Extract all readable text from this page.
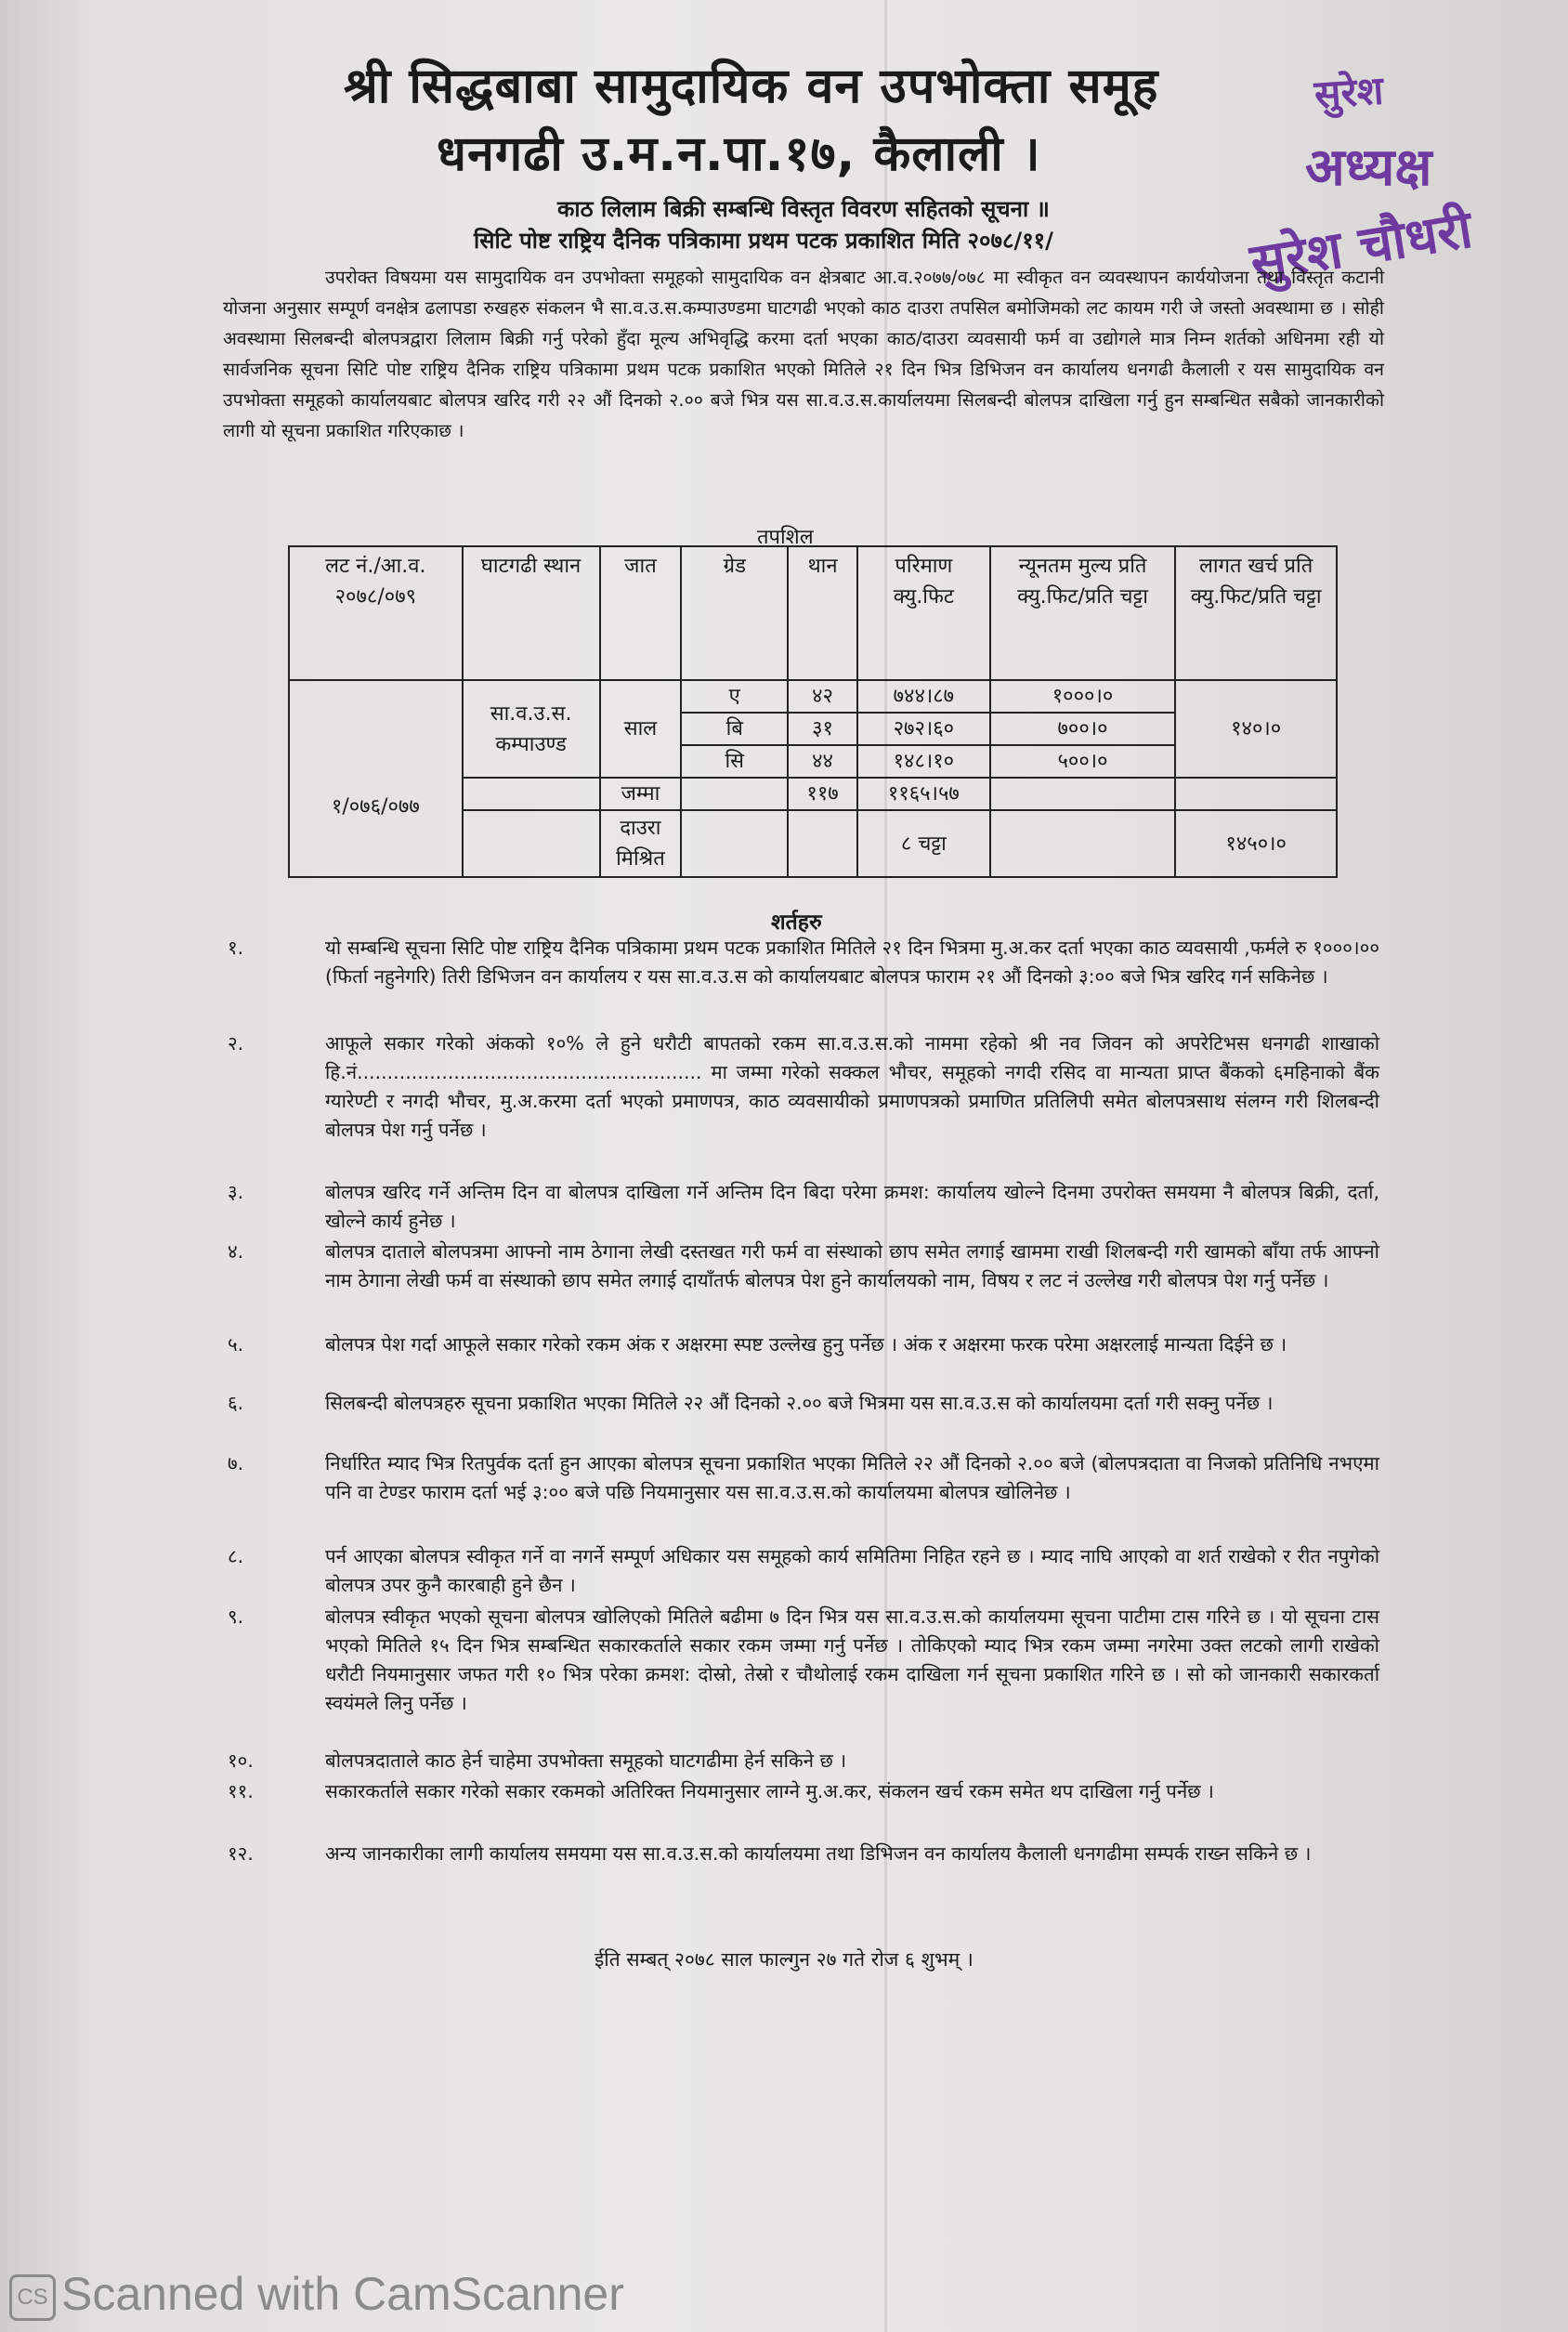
श्री सिद्धबाबा सामुदायिक वन उपभोक्ता समूह
धनगढी उ.म.न.पा.१७, कैलाली ।
सुरेश
अध्यक्ष
सुरेश चौधरी
काठ लिलाम बिक्री सम्बन्धि विस्तृत विवरण सहितको सूचना ॥
सिटि पोष्ट राष्ट्रिय दैनिक पत्रिकामा प्रथम पटक प्रकाशित मिति २०७८/११/
उपरोक्त विषयमा यस सामुदायिक वन उपभोक्ता समूहको सामुदायिक वन क्षेत्रबाट आ.व.२०७७/०७८ मा स्वीकृत वन व्यवस्थापन कार्ययोजना तथा विस्तृत कटानी योजना अनुसार सम्पूर्ण वनक्षेत्र ढलापडा रुखहरु संकलन भै सा.व.उ.स.कम्पाउण्डमा घाटगढी भएको काठ दाउरा तपसिल बमोजिमको लट कायम गरी जे जस्तो अवस्थामा छ । सोही अवस्थामा सिलबन्दी बोलपत्रद्वारा लिलाम बिक्री गर्नु परेको हुँदा मूल्य अभिवृद्धि करमा दर्ता भएका काठ/दाउरा व्यवसायी फर्म वा उद्योगले मात्र निम्न शर्तको अधिनमा रही यो सार्वजनिक सूचना सिटि पोष्ट राष्ट्रिय दैनिक राष्ट्रिय पत्रिकामा प्रथम पटक प्रकाशित भएको मितिले २१ दिन भित्र डिभिजन वन कार्यालय धनगढी कैलाली र यस सामुदायिक वन उपभोक्ता समूहको कार्यालयबाट बोलपत्र खरिद गरी २२ औं दिनको २.०० बजे भित्र यस सा.व.उ.स.कार्यालयमा सिलबन्दी बोलपत्र दाखिला गर्नु हुन सम्बन्धित सबैको जानकारीको लागी यो सूचना प्रकाशित गरिएकाछ ।
तपशिल
लट नं./आ.व. २०७८/०७९	घाटगढी स्थान	जात	ग्रेड	थान	परिमाण क्यु.फिट	न्यूनतम मुल्य प्रति क्यु.फिट/प्रति चट्टा	लागत खर्च प्रति क्यु.फिट/प्रति चट्टा
१/०७६/०७७	सा.व.उ.स. कम्पाउण्ड	साल	ए	४२	७४४।८७	१०००।०	१४०।०
			बि	३१	२७२।६०	७००।०	
			सि	४४	१४८।१०	५००।०	
		जम्मा		११७	११६५।५७		
		दाउरा मिश्रित			८ चट्टा		१४५०।०
शर्तहरु
१.	यो सम्बन्धि सूचना सिटि पोष्ट राष्ट्रिय दैनिक पत्रिकामा प्रथम पटक प्रकाशित मितिले २१ दिन भित्रमा मु.अ.कर दर्ता भएका काठ व्यवसायी ,फर्मले रु १०००।०० (फिर्ता नहुनेगरि) तिरी डिभिजन वन कार्यालय र यस सा.व.उ.स को कार्यालयबाट बोलपत्र फाराम २१ औं दिनको ३:०० बजे भित्र खरिद गर्न सकिनेछ ।
२.	आफूले सकार गरेको अंकको १०% ले हुने धरौटी बापतको रकम सा.व.उ.स.को नाममा रहेको श्री नव जिवन को अपरेटिभस धनगढी शाखाको हि.नं......................................................... मा जम्मा गरेको सक्कल भौचर, समूहको नगदी रसिद वा मान्यता प्राप्त बैंकको ६महिनाको बैंक ग्यारेण्टी र नगदी भौचर, मु.अ.करमा दर्ता भएको प्रमाणपत्र, काठ व्यवसायीको प्रमाणपत्रको प्रमाणित प्रतिलिपी समेत बोलपत्रसाथ संलग्न गरी शिलबन्दी बोलपत्र पेश गर्नु पर्नेछ ।
३.	बोलपत्र खरिद गर्ने अन्तिम दिन वा बोलपत्र दाखिला गर्ने अन्तिम दिन बिदा परेमा क्रमश: कार्यालय खोल्ने दिनमा उपरोक्त समयमा नै बोलपत्र बिक्री, दर्ता, खोल्ने कार्य हुनेछ ।
४.	बोलपत्र दाताले बोलपत्रमा आफ्नो नाम ठेगाना लेखी दस्तखत गरी फर्म वा संस्थाको छाप समेत लगाई खाममा राखी शिलबन्दी गरी खामको बाँया तर्फ आफ्नो नाम ठेगाना लेखी फर्म वा संस्थाको छाप समेत लगाई दायाँतर्फ बोलपत्र पेश हुने कार्यालयको नाम, विषय र लट नं उल्लेख गरी बोलपत्र पेश गर्नु पर्नेछ ।
५.	बोलपत्र पेश गर्दा आफूले सकार गरेको रकम अंक र अक्षरमा स्पष्ट उल्लेख हुनु पर्नेछ । अंक र अक्षरमा फरक परेमा अक्षरलाई मान्यता दिईने छ ।
६.	सिलबन्दी बोलपत्रहरु सूचना प्रकाशित भएका मितिले २२ औं दिनको २.०० बजे भित्रमा यस सा.व.उ.स को कार्यालयमा दर्ता गरी सक्नु पर्नेछ ।
७.	निर्धारित म्याद भित्र रितपुर्वक दर्ता हुन आएका बोलपत्र सूचना प्रकाशित भएका मितिले २२ औं दिनको २.०० बजे (बोलपत्रदाता वा निजको प्रतिनिधि नभएमा पनि वा टेण्डर फाराम दर्ता भई ३:०० बजे पछि नियमानुसार यस सा.व.उ.स.को कार्यालयमा बोलपत्र खोलिनेछ ।
८.	पर्न आएका बोलपत्र स्वीकृत गर्ने वा नगर्ने सम्पूर्ण अधिकार यस समूहको कार्य समितिमा निहित रहने छ । म्याद नाघि आएको वा शर्त राखेको र रीत नपुगेको बोलपत्र उपर कुनै कारबाही हुने छैन ।
९.	बोलपत्र स्वीकृत भएको सूचना बोलपत्र खोलिएको मितिले बढीमा ७ दिन भित्र यस सा.व.उ.स.को कार्यालयमा सूचना पाटीमा टास गरिने छ । यो सूचना टास भएको मितिले १५ दिन भित्र सम्बन्धित सकारकर्ताले सकार रकम जम्मा गर्नु पर्नेछ । तोकिएको म्याद भित्र रकम जम्मा नगरेमा उक्त लटको लागी राखेको धरौटी नियमानुसार जफत गरी १० भित्र परेका क्रमश: दोस्रो, तेस्रो र चौथोलाई रकम दाखिला गर्न सूचना प्रकाशित गरिने छ । सो को जानकारी सकारकर्ता स्वयंमले लिनु पर्नेछ ।
१०.	बोलपत्रदाताले काठ हेर्न चाहेमा उपभोक्ता समूहको घाटगढीमा हेर्न सकिने छ ।
११.	सकारकर्ताले सकार गरेको सकार रकमको अतिरिक्त नियमानुसार लाग्ने मु.अ.कर, संकलन खर्च रकम समेत थप दाखिला गर्नु पर्नेछ ।
१२.	अन्य जानकारीका लागी कार्यालय समयमा यस सा.व.उ.स.को कार्यालयमा तथा डिभिजन वन कार्यालय कैलाली धनगढीमा सम्पर्क राख्न सकिने छ ।
ईति सम्बत् २०७८ साल फाल्गुन २७ गते रोज ६ शुभम् ।
CS Scanned with CamScanner
